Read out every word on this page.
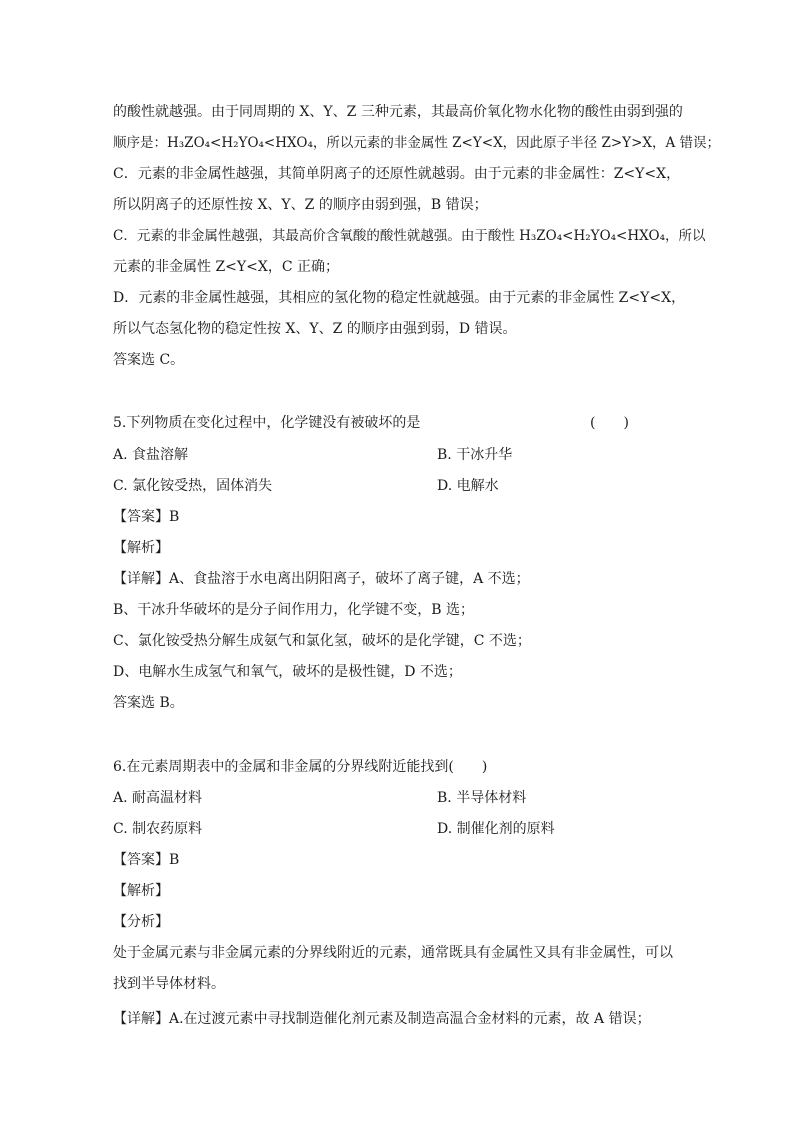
的酸性就越强。由于同周期的 X、Y、Z 三种元素，其最高价氧化物水化物的酸性由弱到强的
顺序是：H₃ZO₄<H₂YO₄<HXO₄，所以元素的非金属性 Z<Y<X，因此原子半径 Z>Y>X，A 错误；
C．元素的非金属性越强，其简单阴离子的还原性就越弱。由于元素的非金属性：Z<Y<X，
所以阴离子的还原性按 X、Y、Z 的顺序由弱到强，B 错误；
C．元素的非金属性越强，其最高价含氧酸的酸性就越强。由于酸性 H₃ZO₄<H₂YO₄<HXO₄，所以
元素的非金属性 Z<Y<X，C 正确；
D．元素的非金属性越强，其相应的氢化物的稳定性就越强。由于元素的非金属性 Z<Y<X，
所以气态氢化物的稳定性按 X、Y、Z 的顺序由强到弱，D 错误。
答案选 C。
5.下列物质在变化过程中，化学键没有被破坏的是	(　　)
A. 食盐溶解	B. 干冰升华
C. 氯化铵受热，固体消失	D. 电解水
【答案】B
【解析】
【详解】A、食盐溶于水电离出阴阳离子，破坏了离子键，A 不选；
B、干冰升华破坏的是分子间作用力，化学键不变，B 选；
C、氯化铵受热分解生成氨气和氯化氢，破坏的是化学键，C 不选；
D、电解水生成氢气和氧气，破坏的是极性键，D 不选；
答案选 B。
6.在元素周期表中的金属和非金属的分界线附近能找到(　　)
A. 耐高温材料	B. 半导体材料
C. 制农药原料	D. 制催化剂的原料
【答案】B
【解析】
【分析】
处于金属元素与非金属元素的分界线附近的元素，通常既具有金属性又具有非金属性，可以
找到半导体材料。
【详解】A.在过渡元素中寻找制造催化剂元素及制造高温合金材料的元素，故 A 错误；
